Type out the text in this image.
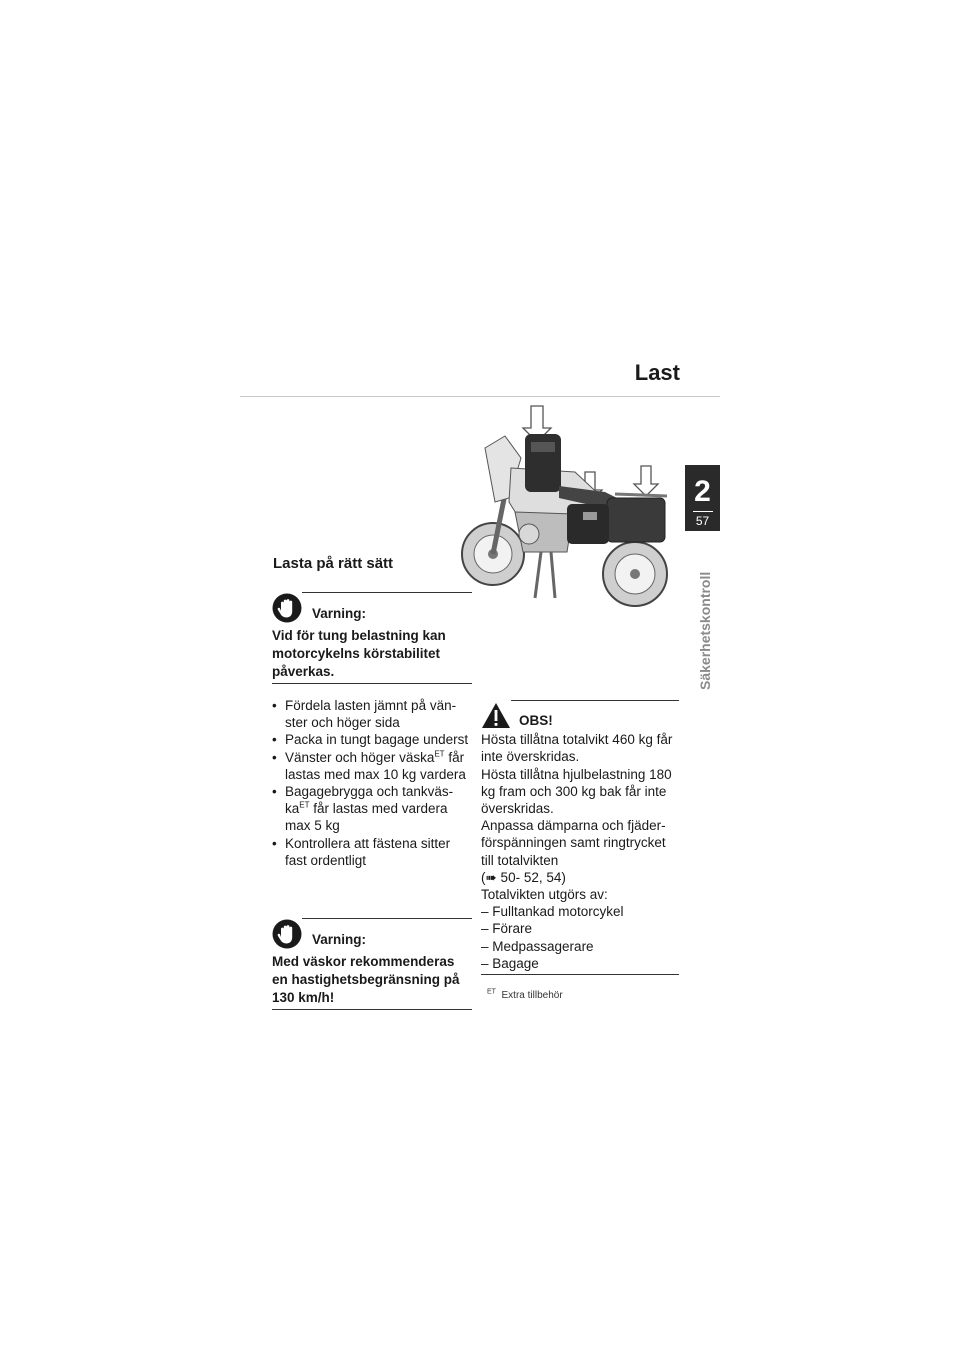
Last
2
57
Säkerhetskontroll
Lasta på rätt sätt
Varning:
Vid för tung belastning kan motorcykelns körstabilitet påverkas.
• Fördela lasten jämnt på vän-ster och höger sida
• Packa in tungt bagage underst
• Vänster och höger väska$^{ET}$ får lastas med max 10 kg vardera
• Bagagebrygga och tankväs-$ka^{ET}$ får lastas med vardera max 5 kg
• Kontrollera att fästena sitter fast ordentligt
Varning:
Med väskor rekommenderas en hastighetsbegränsning på 130 km/h!
OBS!
Hösta tillåtna totalvikt 460 kg får inte överskridas.
Hösta tillåtna hjulbelastning 180 kg fram och 300 kg bak får inte överskridas.
Anpassa dämparna och fjäder-förspänningen samt ringtrycket till totalvikten
(➠ 50- 52, 54)
Totalvikten utgörs av:
– Fulltankad motorcykel
– Förare
– Medpassagerare
– Bagage
$^{ET}$ Extra tillbehör
